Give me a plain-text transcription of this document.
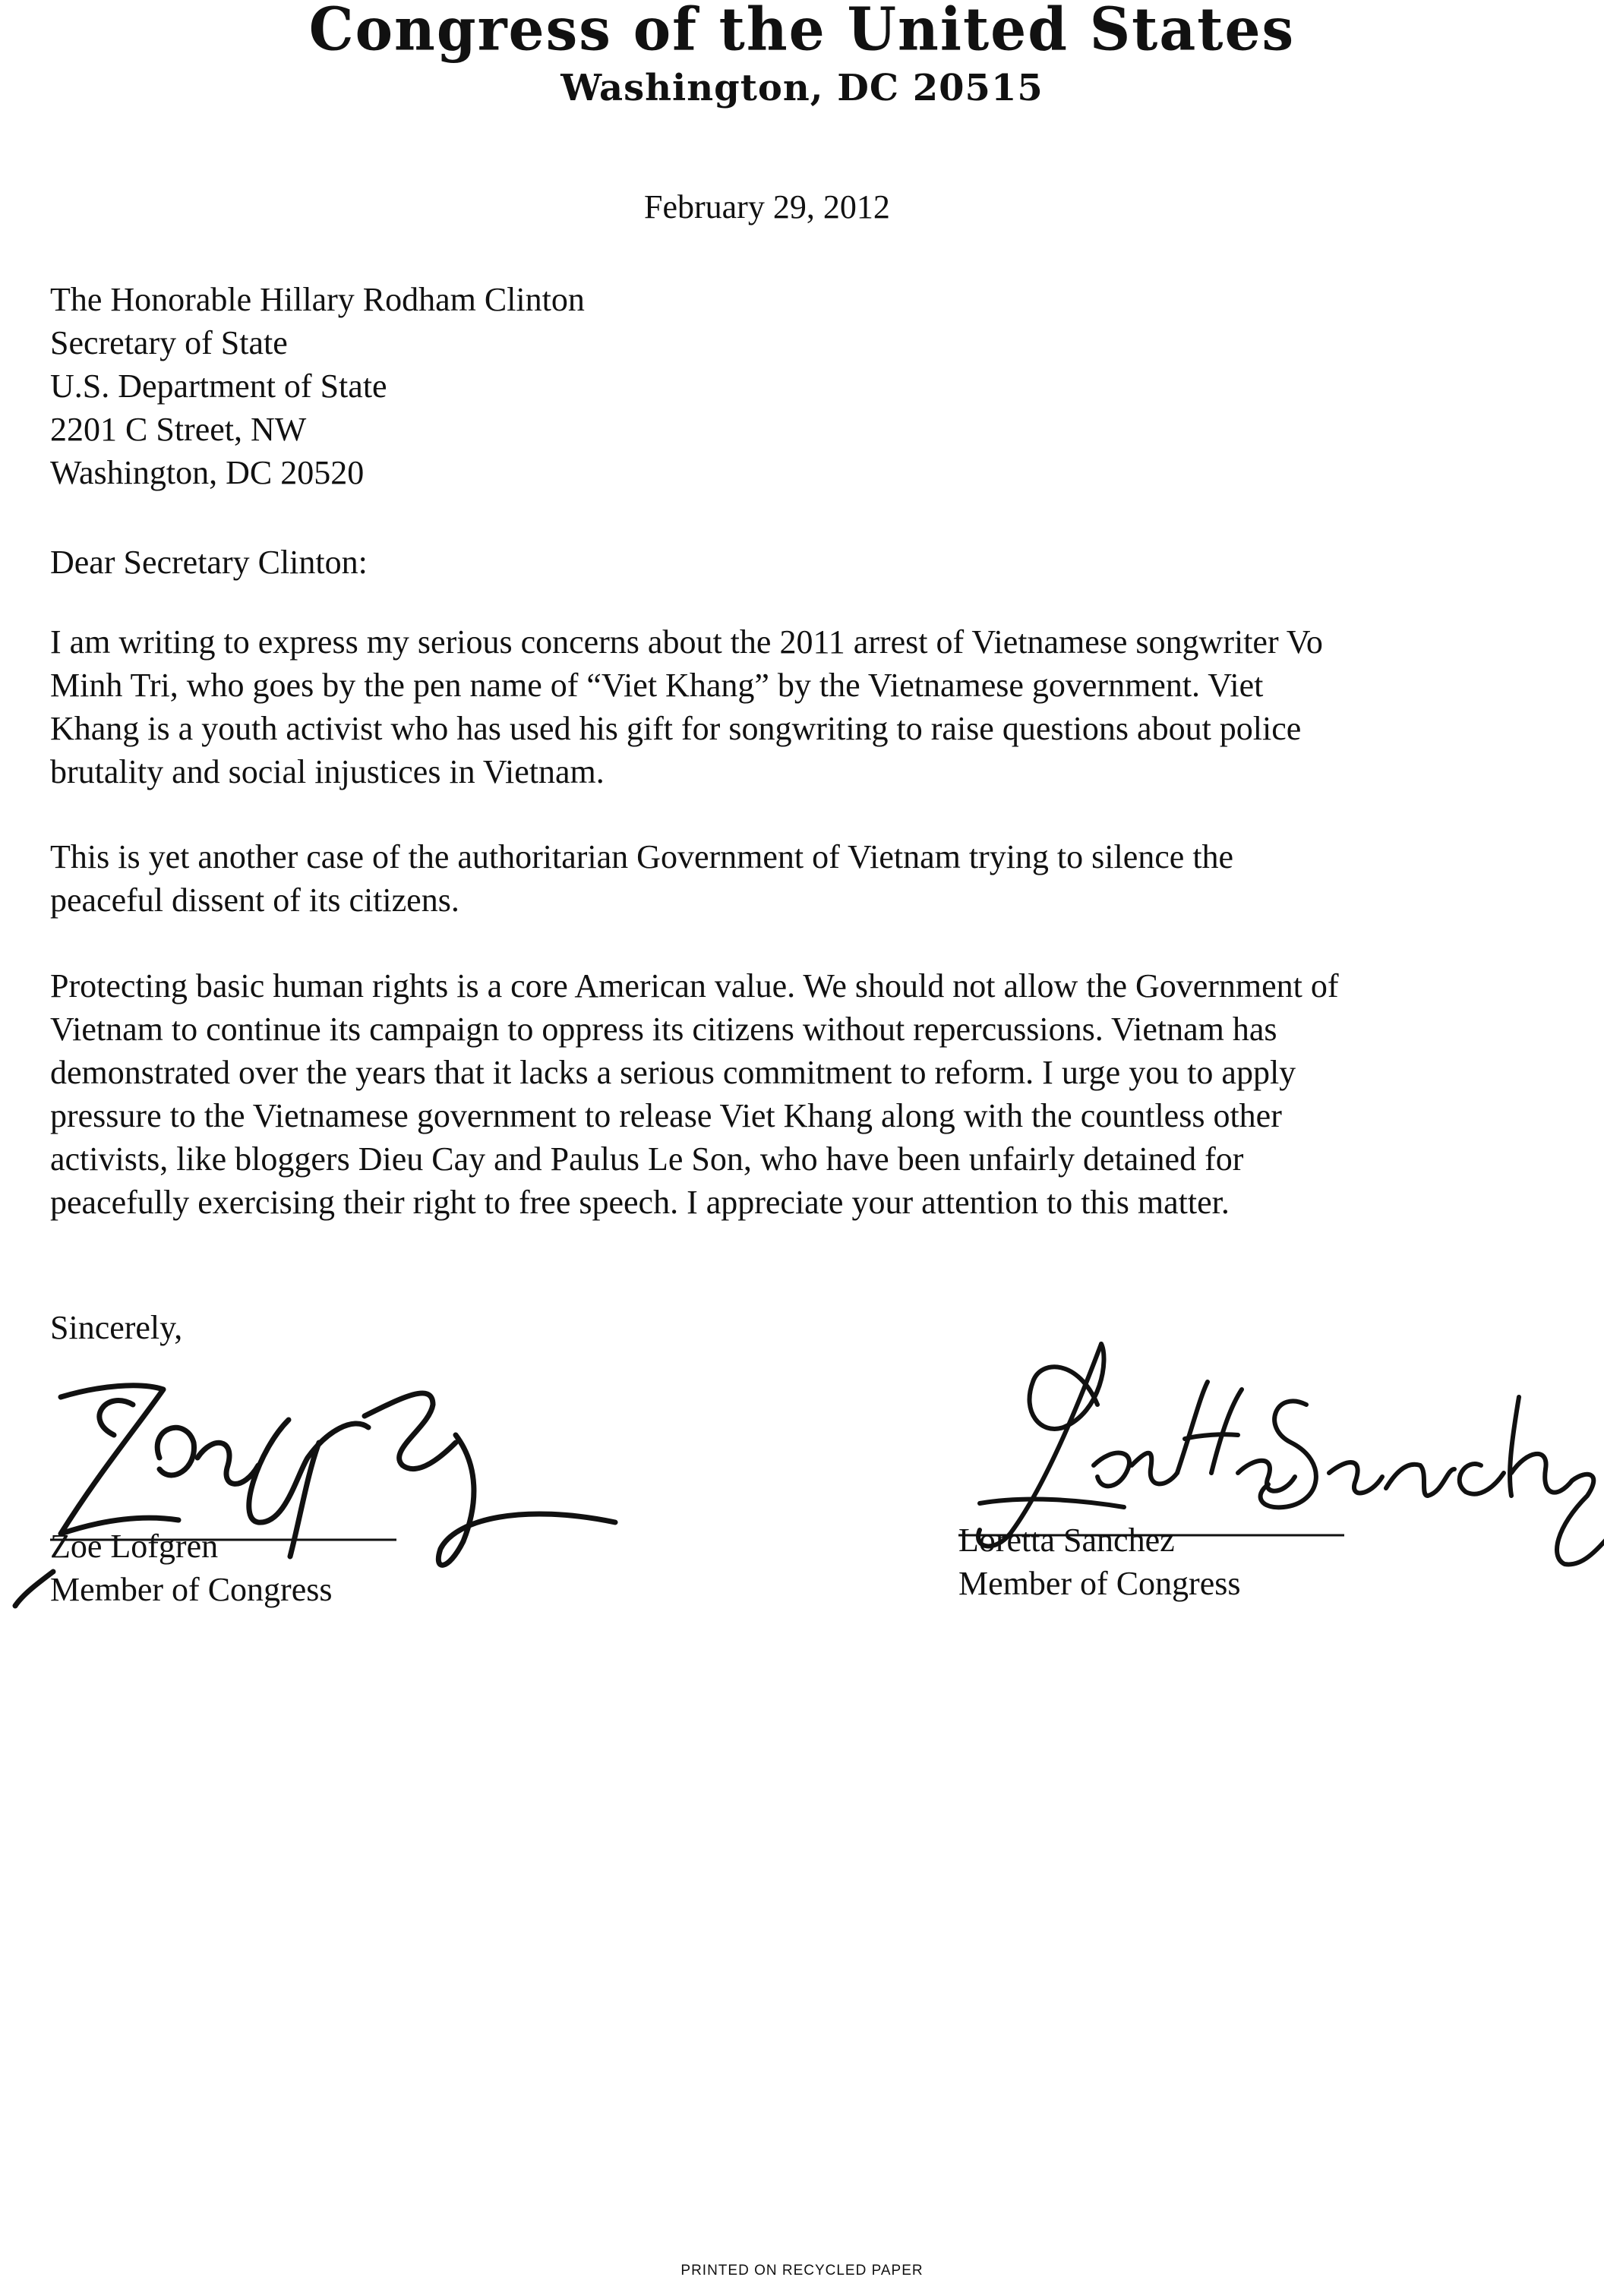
Congress of the United States
Washington, DC 20515
February 29, 2012
The Honorable Hillary Rodham Clinton
Secretary of State
U.S. Department of State
2201 C Street, NW
Washington, DC 20520
Dear Secretary Clinton:
I am writing to express my serious concerns about the 2011 arrest of Vietnamese songwriter Vo
Minh Tri, who goes by the pen name of “Viet Khang” by the Vietnamese government. Viet
Khang is a youth activist who has used his gift for songwriting to raise questions about police
brutality and social injustices in Vietnam.
This is yet another case of the authoritarian Government of Vietnam trying to silence the
peaceful dissent of its citizens.
Protecting basic human rights is a core American value. We should not allow the Government of
Vietnam to continue its campaign to oppress its citizens without repercussions. Vietnam has
demonstrated over the years that it lacks a serious commitment to reform. I urge you to apply
pressure to the Vietnamese government to release Viet Khang along with the countless other
activists, like bloggers Dieu Cay and Paulus Le Son, who have been unfairly detained for
peacefully exercising their right to free speech. I appreciate your attention to this matter.
Sincerely,
Zoe Lofgren
Member of Congress
Loretta Sanchez
Member of Congress
PRINTED ON RECYCLED PAPER
